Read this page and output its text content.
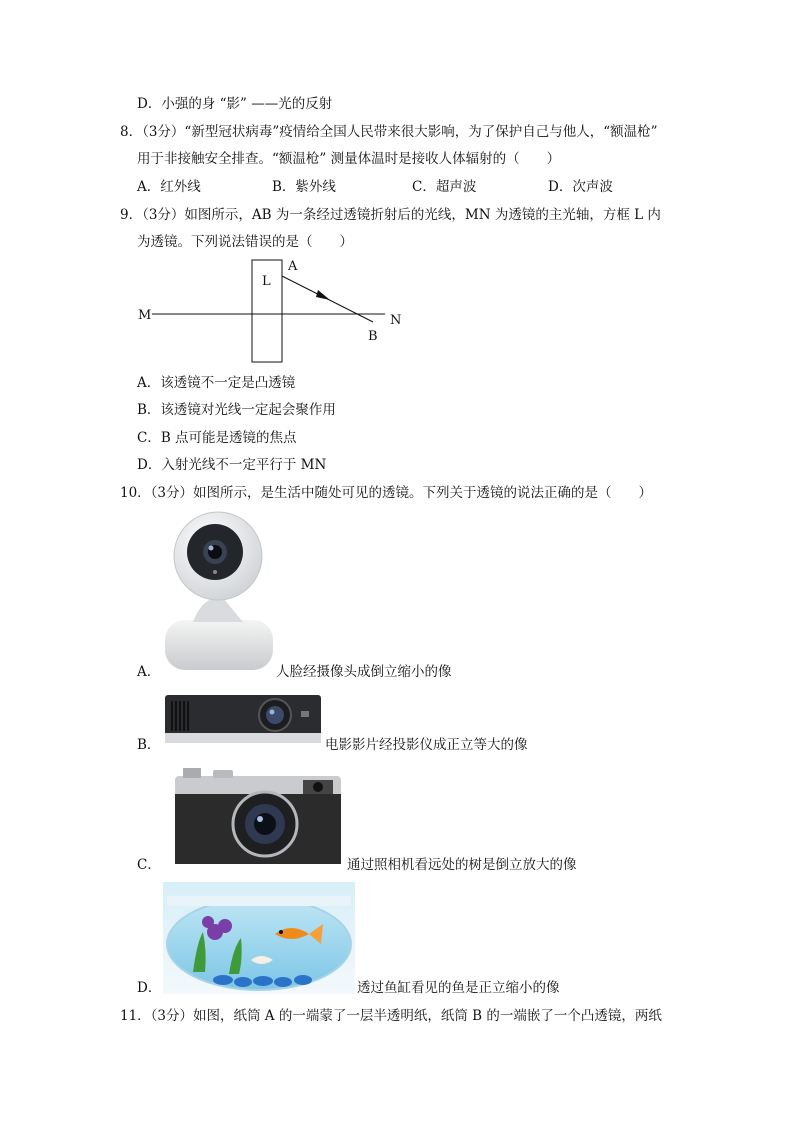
D．小强的身 “影” ——光的反射
8．（3分）“新型冠状病毒”疫情给全国人民带来很大影响，为了保护自己与他人，“额温枪”
用于非接触安全排查。“额温枪” 测量体温时是接收人体辐射的（　　）
A．红外线	B．紫外线	C．超声波	D．次声波
9．（3分）如图所示，AB 为一条经过透镜折射后的光线，MN 为透镜的主光轴，方框 L 内
为透镜。下列说法错误的是（　　）
L
A
B
M	N
A．该透镜不一定是凸透镜
B．该透镜对光线一定起会聚作用
C．B 点可能是透镜的焦点
D．入射光线不一定平行于 MN
10．（3分）如图所示，是生活中随处可见的透镜。下列关于透镜的说法正确的是（　　）
A．	人脸经摄像头成倒立缩小的像
B．	电影影片经投影仪成正立等大的像
C．	通过照相机看远处的树是倒立放大的像
D．	透过鱼缸看见的鱼是正立缩小的像
11．（3分）如图，纸筒 A 的一端蒙了一层半透明纸，纸筒 B 的一端嵌了一个凸透镜，两纸
